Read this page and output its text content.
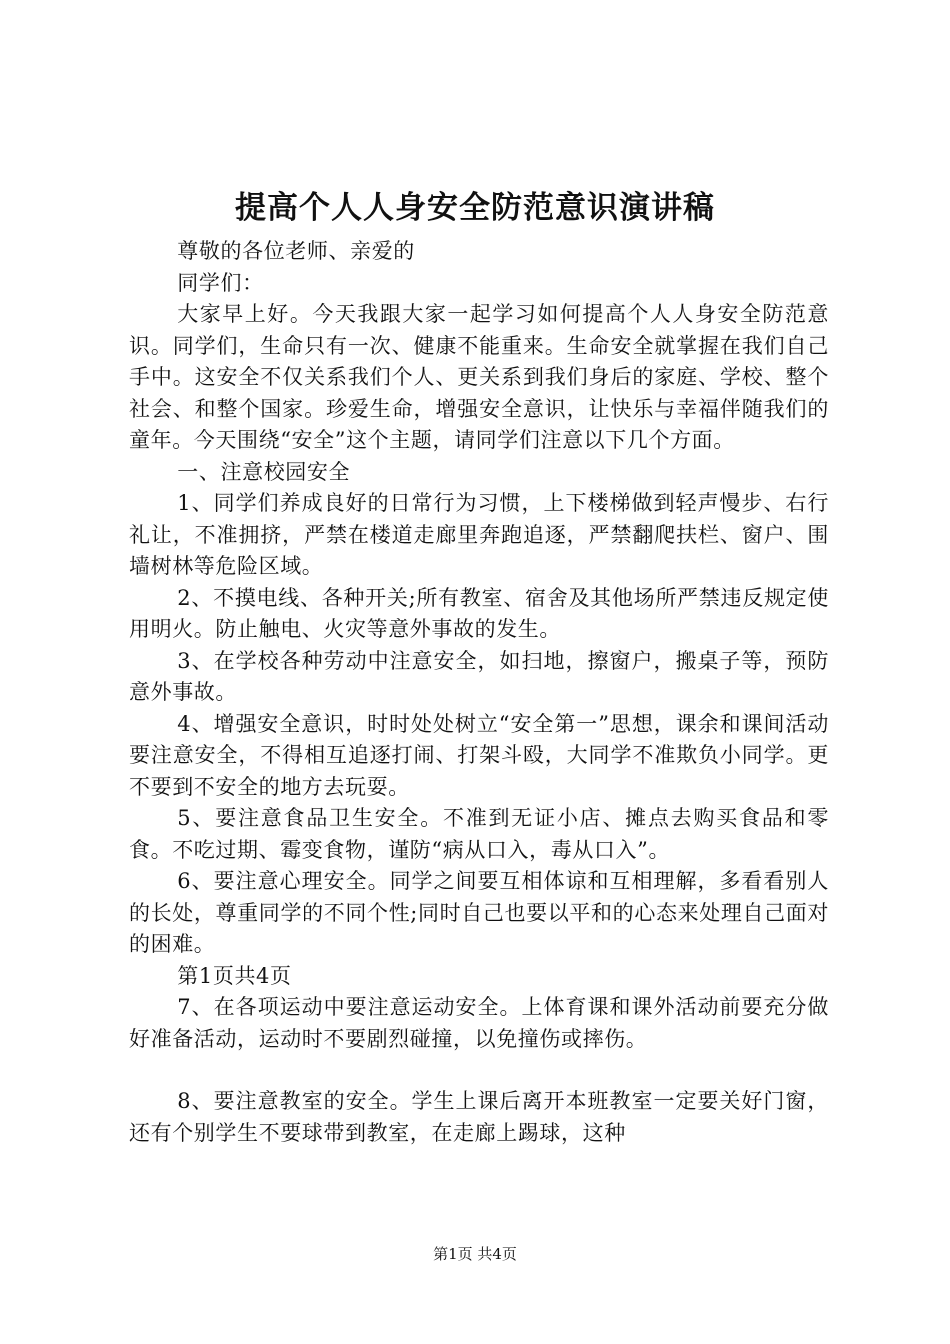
提高个人人身安全防范意识演讲稿

尊敬的各位老师、亲爱的

同学们：

大家早上好。今天我跟大家一起学习如何提高个人人身安全防范意识。同学们，生命只有一次、健康不能重来。生命安全就掌握在我们自己手中。这安全不仅关系我们个人、更关系到我们身后的家庭、学校、整个社会、和整个国家。珍爱生命，增强安全意识，让快乐与幸福伴随我们的童年。今天围绕“安全”这个主题，请同学们注意以下几个方面。

一、注意校园安全

1、同学们养成良好的日常行为习惯，上下楼梯做到轻声慢步、右行礼让，不准拥挤，严禁在楼道走廊里奔跑追逐，严禁翻爬扶栏、窗户、围墙树林等危险区域。

2、不摸电线、各种开关;所有教室、宿舍及其他场所严禁违反规定使用明火。防止触电、火灾等意外事故的发生。

3、在学校各种劳动中注意安全，如扫地，擦窗户，搬桌子等，预防意外事故。

4、增强安全意识，时时处处树立“安全第一”思想，课余和课间活动要注意安全，不得相互追逐打闹、打架斗殴，大同学不准欺负小同学。更不要到不安全的地方去玩耍。

5、要注意食品卫生安全。不准到无证小店、摊点去购买食品和零食。不吃过期、霉变食物，谨防“病从口入，毒从口入”。

6、要注意心理安全。同学之间要互相体谅和互相理解，多看看别人的长处，尊重同学的不同个性;同时自己也要以平和的心态来处理自己面对的困难。

第1页共4页

7、在各项运动中要注意运动安全。上体育课和课外活动前要充分做好准备活动，运动时不要剧烈碰撞，以免撞伤或摔伤。

8、要注意教室的安全。学生上课后离开本班教室一定要关好门窗，还有个别学生不要球带到教室，在走廊上踢球，这种

第1页 共4页
